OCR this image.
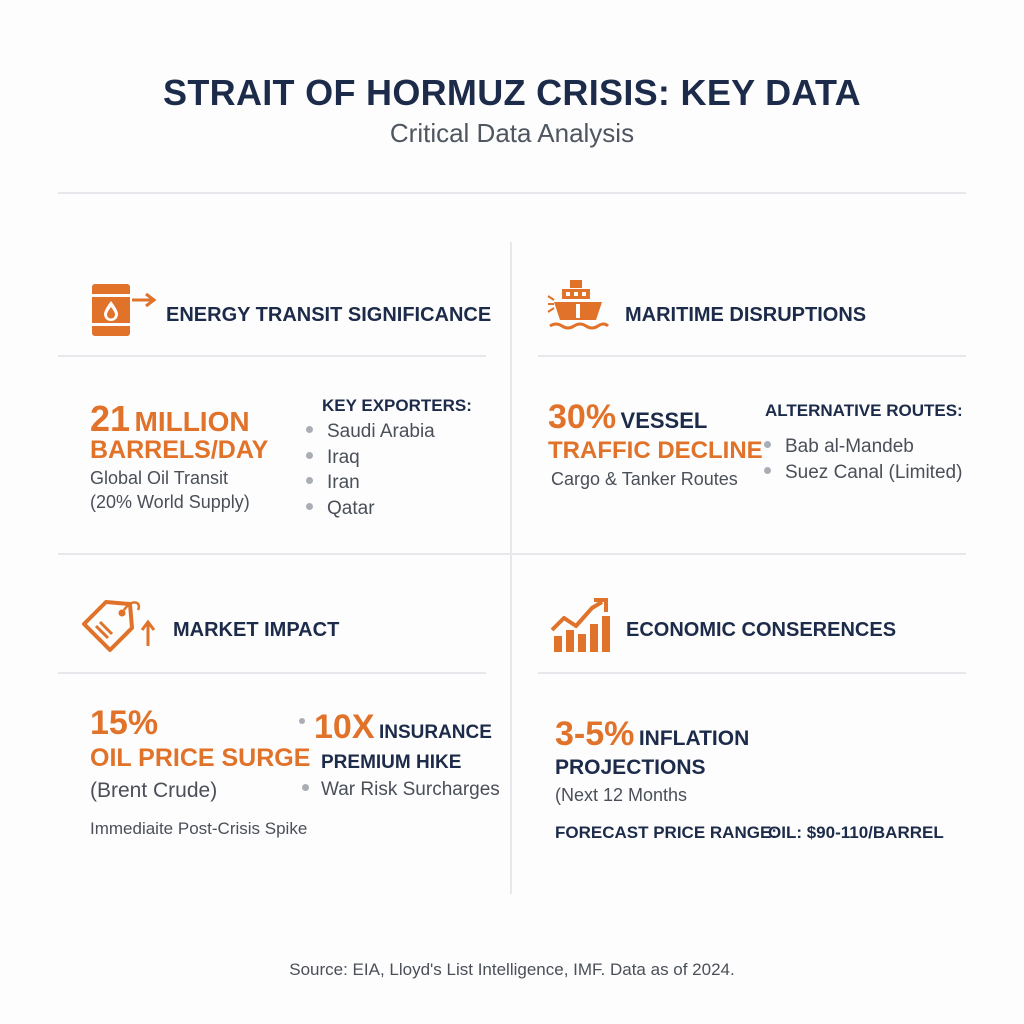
STRAIT OF HORMUZ CRISIS: KEY DATA
Critical Data Analysis
ENERGY TRANSIT SIGNIFICANCE
21 MILLION
BARRELS/DAY
Global Oil Transit
(20% World Supply)
KEY EXPORTERS:
Saudi Arabia
Iraq
Iran
Qatar
MARITIME DISRUPTIONS
30% VESSEL
TRAFFIC DECLINE
Cargo & Tanker Routes
ALTERNATIVE ROUTES:
Bab al-Mandeb
Suez Canal (Limited)
MARKET IMPACT
15%
OIL PRICE SURGE
(Brent Crude)
Immediaite Post-Crisis Spike
10X INSURANCE
PREMIUM HIKE
War Risk Surcharges
ECONOMIC CONSERENCES
3-5% INFLATION
PROJECTIONS
(Next 12 Months
FORECAST PRICE RANGE:
OIL: $90-110/BARREL
Source: EIA, Lloyd's List Intelligence, IMF. Data as of 2024.
